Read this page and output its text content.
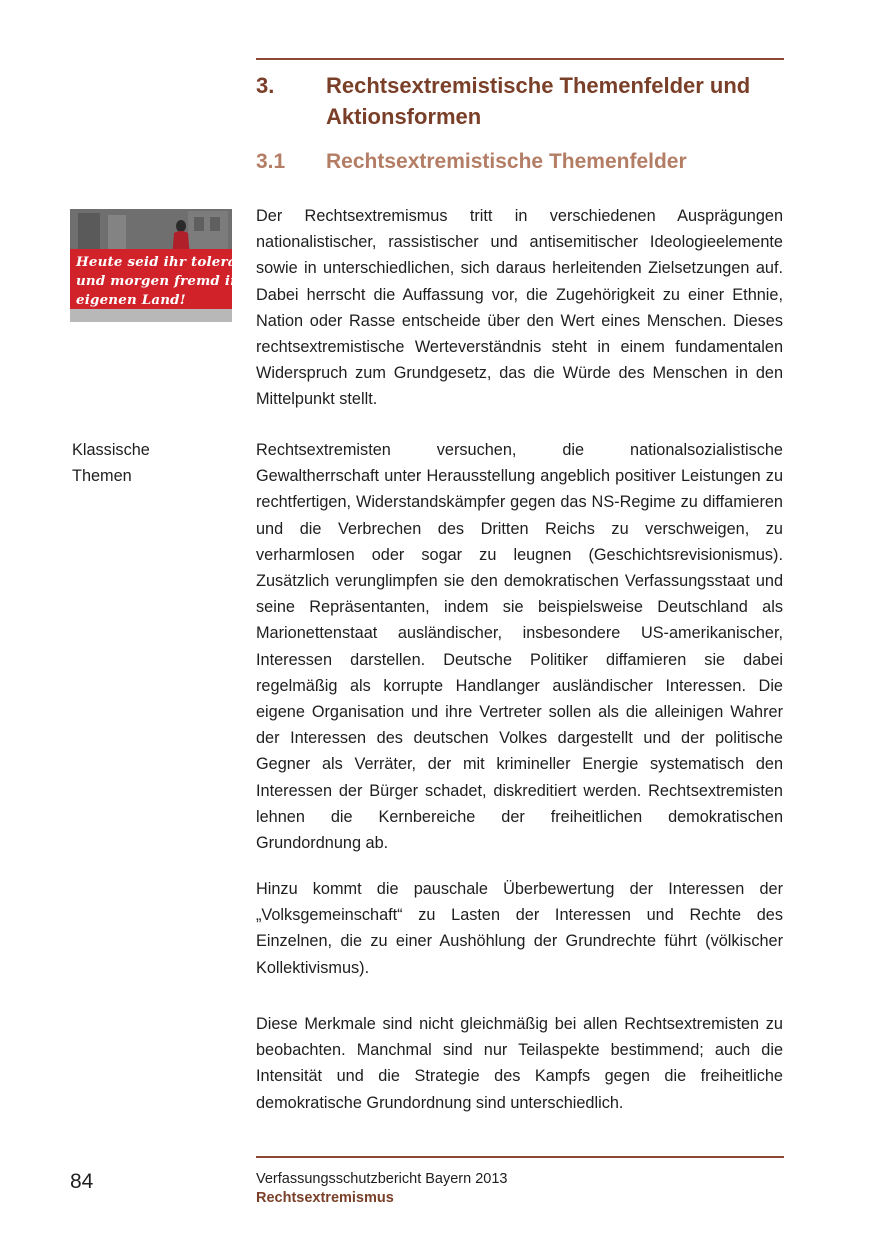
3. Rechtsextremistische Themenfelder und Aktionsformen
3.1 Rechtsextremistische Themenfelder
Heute seid ihr tolerant
und morgen fremd im
eigenen Land!

Der Rechtsextremismus tritt in verschiedenen Ausprägungen nationalistischer, rassistischer und antisemitischer Ideologieelemente sowie in unterschiedlichen, sich daraus herleitenden Zielsetzungen auf. Dabei herrscht die Auffassung vor, die Zugehörigkeit zu einer Ethnie, Nation oder Rasse entscheide über den Wert eines Menschen. Dieses rechtsextremistische Werteverständnis steht in einem fundamentalen Widerspruch zum Grundgesetz, das die Würde des Menschen in den Mittelpunkt stellt.

Klassische
Themen

Rechtsextremisten versuchen, die nationalsozialistische Gewaltherrschaft unter Herausstellung angeblich positiver Leistungen zu rechtfertigen, Widerstandskämpfer gegen das NS-Regime zu diffamieren und die Verbrechen des Dritten Reichs zu verschweigen, zu verharmlosen oder sogar zu leugnen (Geschichtsrevisionismus). Zusätzlich verunglimpfen sie den demokratischen Verfassungsstaat und seine Repräsentanten, indem sie beispielsweise Deutschland als Marionettenstaat ausländischer, insbesondere US-amerikanischer, Interessen darstellen. Deutsche Politiker diffamieren sie dabei regelmäßig als korrupte Handlanger ausländischer Interessen. Die eigene Organisation und ihre Vertreter sollen als die alleinigen Wahrer der Interessen des deutschen Volkes dargestellt und der politische Gegner als Verräter, der mit krimineller Energie systematisch den Interessen der Bürger schadet, diskreditiert werden. Rechtsextremisten lehnen die Kernbereiche der freiheitlichen demokratischen Grundordnung ab.

Hinzu kommt die pauschale Überbewertung der Interessen der „Volksgemeinschaft“ zu Lasten der Interessen und Rechte des Einzelnen, die zu einer Aushöhlung der Grundrechte führt (völkischer Kollektivismus).

Diese Merkmale sind nicht gleichmäßig bei allen Rechtsextremisten zu beobachten. Manchmal sind nur Teilaspekte bestimmend; auch die Intensität und die Strategie des Kampfs gegen die freiheitliche demokratische Grundordnung sind unterschiedlich.

84	Verfassungsschutzbericht Bayern 2013
Rechtsextremismus
